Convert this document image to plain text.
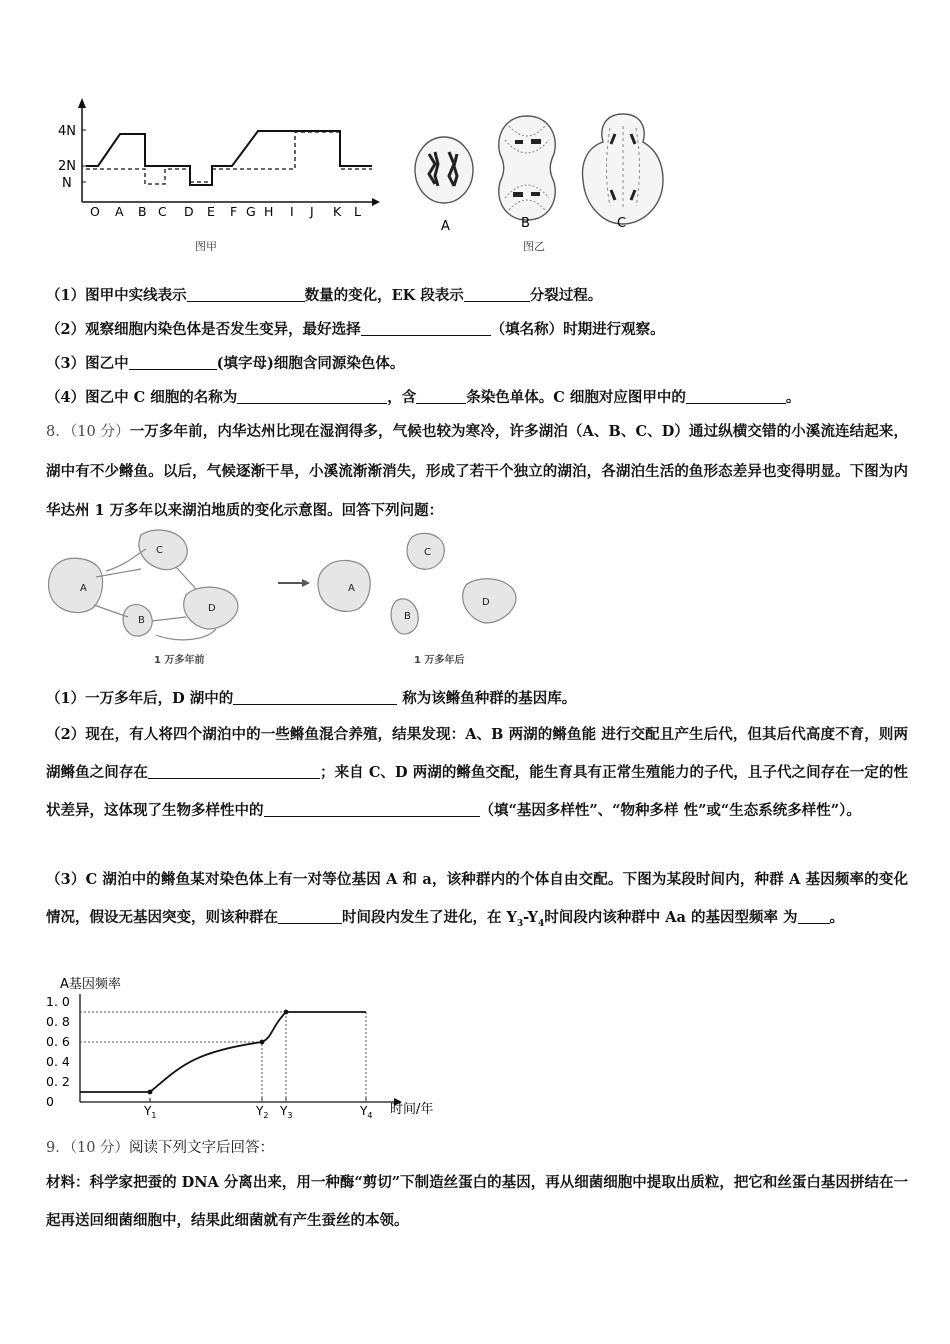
4N
2N
N
O A B C D E F G H I J K L
图甲
A	B	C
图乙
（1）图甲中实线表示	数量的变化，EK 段表示	分裂过程。
（2）观察细胞内染色体是否发生变异，最好选择	（填名称）时期进行观察。
（3）图乙中	(填字母)细胞含同源染色体。
（4）图乙中 C 细胞的名称为	，含	条染色单体。C 细胞对应图甲中的	。
8．（10 分）一万多年前，内华达州比现在湿润得多，气候也较为寒冷，许多湖泊（A、B、C、D）通过纵横交错的小溪流连结起来，湖中有不少鳉鱼。以后，气候逐渐干旱，小溪流渐渐消失，形成了若干个独立的湖泊，各湖泊生活的鱼形态差异也变得明显。下图为内华达州 1 万多年以来湖泊地质的变化示意图。回答下列问题：
A
C
B
D
A
C
B
D
1 万多年前	1 万多年后
（1）一万多年后，D 湖中的	称为该鳉鱼种群的基因库。
（2）现在，有人将四个湖泊中的一些鳉鱼混合养殖，结果发现：A、B 两湖的鳉鱼能 进行交配且产生后代，但其后代高度不育，则两湖鳉鱼之间存在	；来自 C、D 两湖的鳉鱼交配，能生育具有正常生殖能力的子代，且子代之间存在一定的性 状差异，这体现了生物多样性中的	（填“基因多样性”、“物种多样 性”或“生态系统多样性”）。
（3）C 湖泊中的鳉鱼某对染色体上有一对等位基因 A 和 a，该种群内的个体自由交配。下图为某段时间内，种群 A 基因频率的变化情况，假设无基因突变，则该种群在	时间段内发生了进化，在 $Y_3-Y_4$时间段内该种群中 Aa 的基因型频率 为 。
A基因频率
时间/年
1. 0
0. 8
0. 6
0. 4
0. 2
0
$Y_1$	$Y_2$ $Y_3$	$Y_4$
9．（10 分）阅读下列文字后回答：
材料：科学家把蚕的 DNA 分离出来，用一种酶“剪切”下制造丝蛋白的基因，再从细菌细胞中提取出质粒，把它和丝蛋白基因拼结在一起再送回细菌细胞中，结果此细菌就有产生蚕丝的本领。
